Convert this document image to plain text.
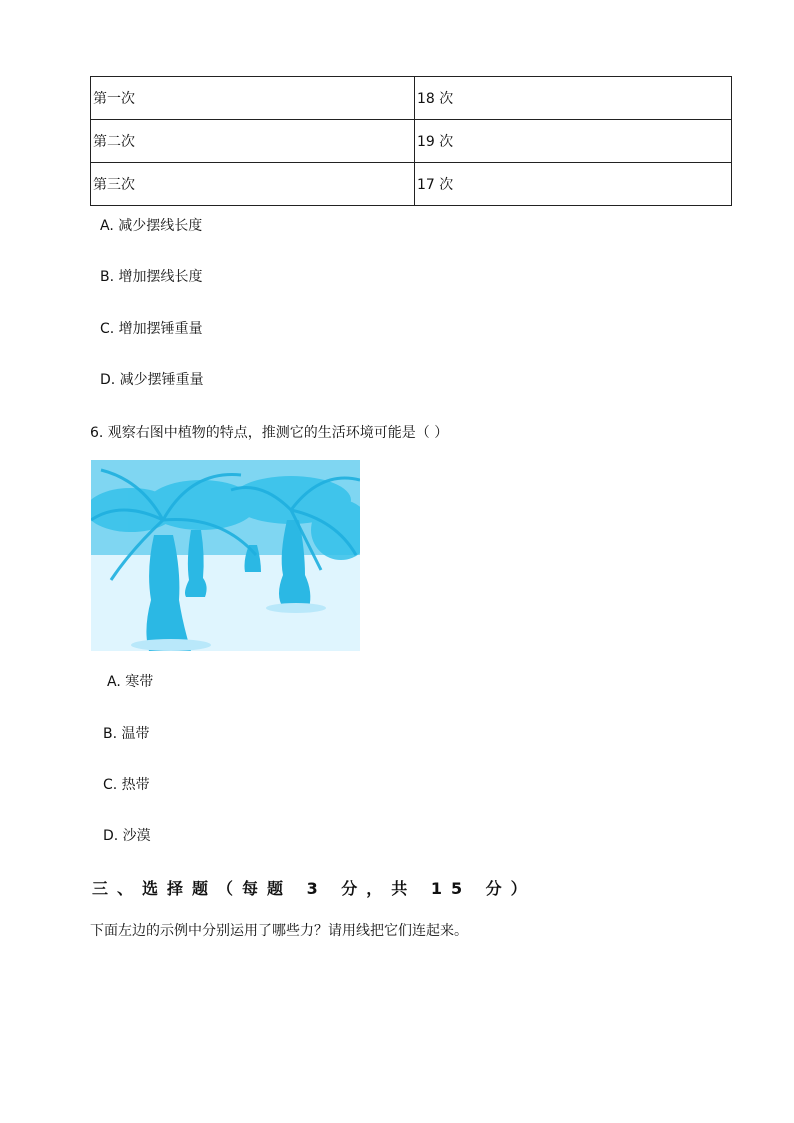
第一次	18 次
第二次	19 次
第三次	17 次
A. 减少摆线长度
B. 增加摆线长度
C. 增加摆锤重量
D. 减少摆锤重量
6. 观察右图中植物的特点，推测它的生活环境可能是（ ）
A. 寒带
B. 温带
C. 热带
D. 沙漠
三、选择题（每题 3 分，共 15 分）
下面左边的示例中分别运用了哪些力？请用线把它们连起来。
